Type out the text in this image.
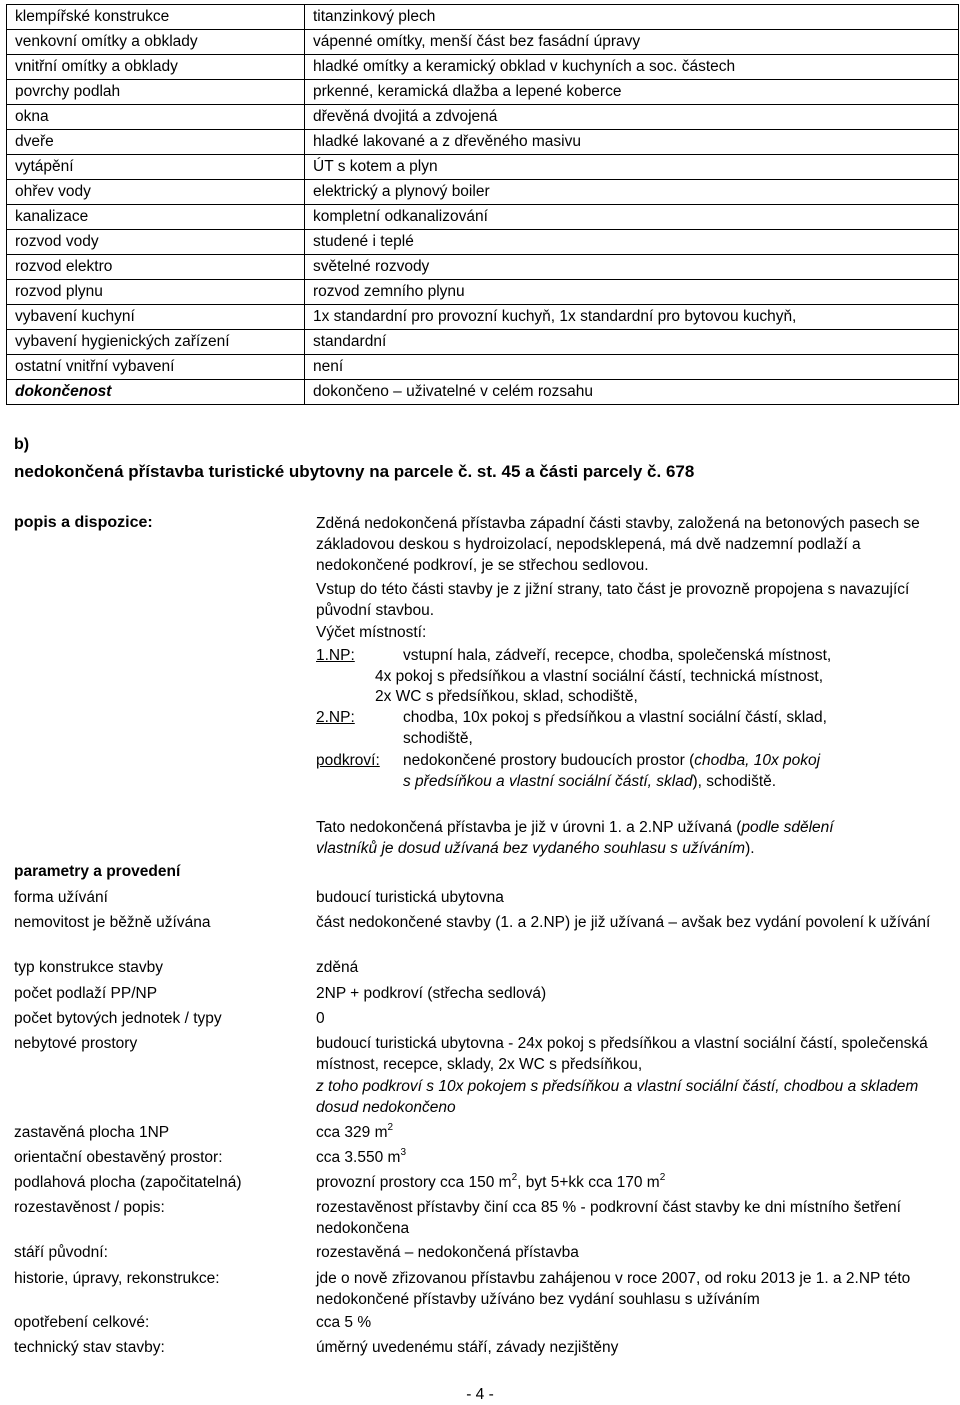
klempířské konstrukce	titanzinkový plech
venkovní omítky a obklady	vápenné omítky, menší část bez fasádní úpravy
vnitřní omítky a obklady	hladké omítky a keramický obklad v kuchyních a soc. částech
povrchy podlah	prkenné, keramická dlažba a lepené koberce
okna	dřevěná dvojitá a zdvojená
dveře	hladké lakované a z dřevěného masivu
vytápění	ÚT s kotem a plyn
ohřev vody	elektrický a plynový boiler
kanalizace	kompletní odkanalizování
rozvod vody	studené i teplé
rozvod elektro	světelné rozvody
rozvod plynu	rozvod zemního plynu
vybavení kuchyní	1x standardní pro provozní kuchyň, 1x standardní pro bytovou kuchyň,
vybavení hygienických zařízení	standardní
ostatní vnitřní vybavení	není
dokončenost	dokončeno – uživatelné v celém rozsahu
b)
nedokončená přístavba turistické ubytovny na parcele č. st. 45 a části parcely č. 678
popis a dispozice:	Zděná nedokončená přístavba západní části stavby, založená na betonových pasech se základovou deskou s hydroizolací, nepodsklepená, má dvě nadzemní podlaží a nedokončené podkroví, je se střechou sedlovou.
Vstup do této části stavby je z jižní strany, tato část je provozně propojena s navazující původní stavbou.
Výčet místností:
1.NP:	vstupní hala, zádveří, recepce, chodba, společenská místnost,
4x pokoj s předsíňkou a vlastní sociální částí, technická místnost,
2x WC s předsíňkou, sklad, schodiště,
2.NP:	chodba, 10x pokoj s předsíňkou a vlastní sociální částí, sklad,
schodiště,
podkroví: nedokončené prostory budoucích prostor (chodba, 10x pokoj
s předsíňkou a vlastní sociální částí, sklad), schodiště.
Tato nedokončená přístavba je již v úrovni 1. a 2.NP užívaná (podle sdělení
vlastníků je dosud užívaná bez vydaného souhlasu s užíváním).
parametry a provedení
forma užívání	budoucí turistická ubytovna
nemovitost je běžně užívána	část nedokončené stavby (1. a 2.NP) je již užívaná – avšak bez vydání povolení k užívání
typ konstrukce stavby	zděná
počet podlaží PP/NP	2NP + podkroví (střecha sedlová)
počet bytových jednotek / typy	0
nebytové prostory	budoucí turistická ubytovna - 24x pokoj s předsíňkou a vlastní sociální částí, společenská místnost, recepce, sklady, 2x WC s předsíňkou,
z toho podkroví s 10x pokojem s předsíňkou a vlastní sociální částí, chodbou a skladem dosud nedokončeno
zastavěná plocha 1NP	cca 329 $m^2$
orientační obestavěný prostor:	cca 3.550 $m^3$
podlahová plocha (započitatelná)	provozní prostory cca 150 $m^2$, byt 5+kk cca 170 $m^2$
rozestavěnost / popis:	rozestavěnost přístavby činí cca 85 % - podkrovní část stavby ke dni místního šetření nedokončena
stáří původní:	rozestavěná – nedokončená přístavba
historie, úpravy, rekonstrukce:	jde o nově zřizovanou přístavbu zahájenou v roce 2007, od roku 2013 je 1. a 2.NP této nedokončené přístavby užíváno bez vydání souhlasu s užíváním
opotřebení celkové:	cca 5 %
technický stav stavby:	úměrný uvedenému stáří, závady nezjištěny
- 4 -
